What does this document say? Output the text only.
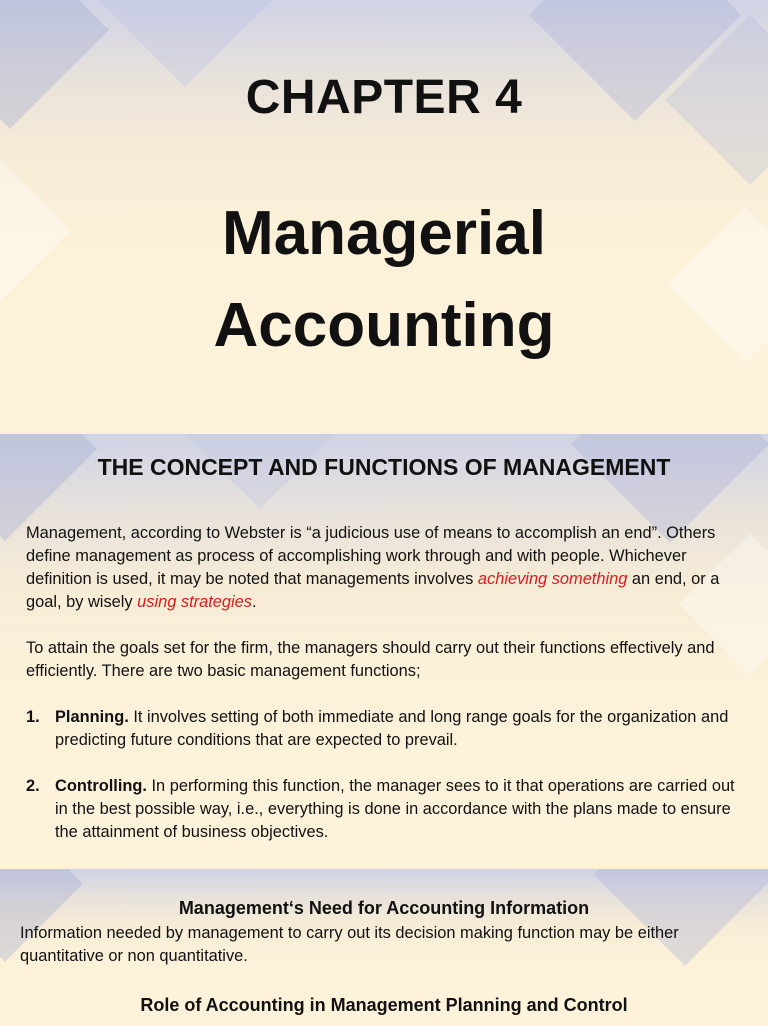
CHAPTER 4
Managerial
Accounting
THE CONCEPT AND FUNCTIONS OF MANAGEMENT
Management, according to Webster is “a judicious use of means to accomplish an end”. Others define management as process of accomplishing work through and with people. Whichever definition is used, it may be noted that managements involves achieving something an end, or a goal, by wisely using strategies.
To attain the goals set for the firm, the managers should carry out their functions effectively and efficiently. There are two basic management functions;
1. Planning. It involves setting of both immediate and long range goals for the organization and predicting future conditions that are expected to prevail.
2. Controlling. In performing this function, the manager sees to it that operations are carried out in the best possible way, i.e., everything is done in accordance with the plans made to ensure the attainment of business objectives.
Management‘s Need for Accounting Information
Information needed by management to carry out its decision making function may be either quantitative or non quantitative.
Role of Accounting in Management Planning and Control
